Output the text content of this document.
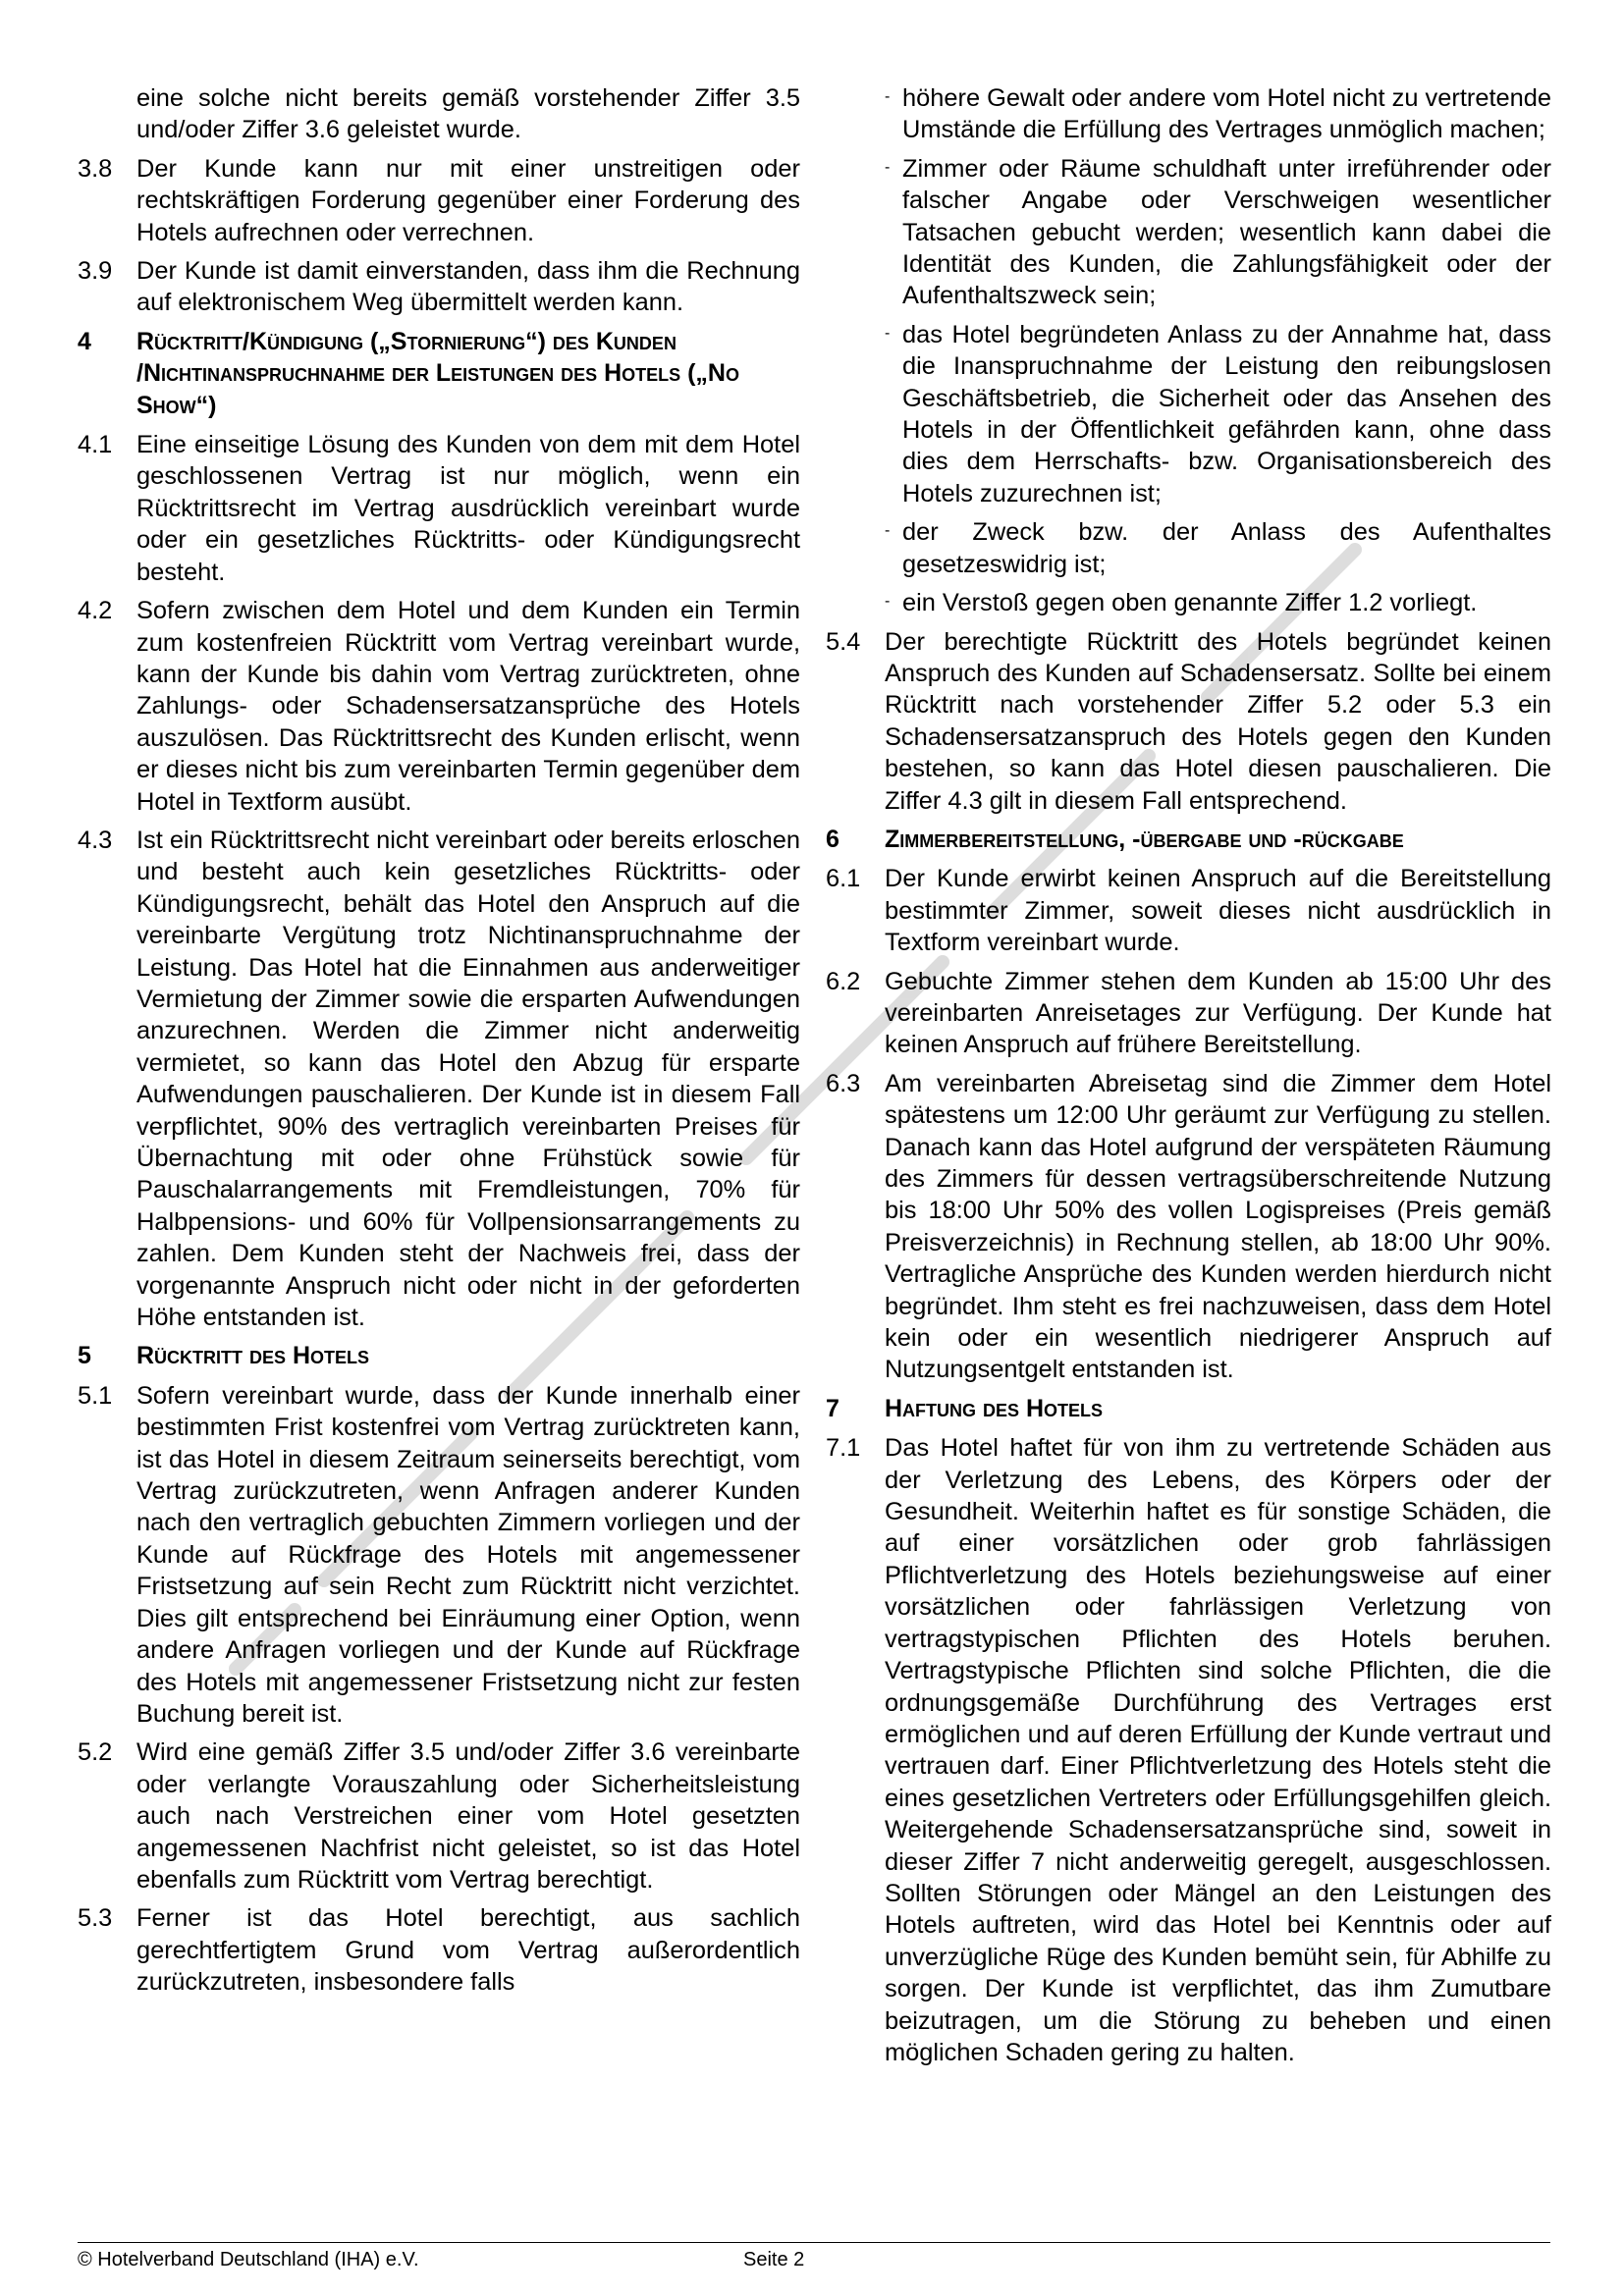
eine solche nicht bereits gemäß vorstehender Ziffer 3.5 und/oder Ziffer 3.6 geleistet wurde.
3.8 Der Kunde kann nur mit einer unstreitigen oder rechtskräftigen Forderung gegenüber einer Forderung des Hotels aufrechnen oder verrechnen.
3.9 Der Kunde ist damit einverstanden, dass ihm die Rechnung auf elektronischem Weg übermittelt werden kann.
4	Rücktritt/Kündigung („Stornierung“) des Kunden /Nichtinanspruchnahme der Leistungen des Hotels („No Show“)
4.1 Eine einseitige Lösung des Kunden von dem mit dem Hotel geschlossenen Vertrag ist nur möglich, wenn ein Rücktrittsrecht im Vertrag ausdrücklich vereinbart wurde oder ein gesetzliches Rücktritts- oder Kündigungsrecht besteht.
4.2 Sofern zwischen dem Hotel und dem Kunden ein Termin zum kostenfreien Rücktritt vom Vertrag vereinbart wurde, kann der Kunde bis dahin vom Vertrag zurücktreten, ohne Zahlungs- oder Schadensersatzansprüche des Hotels auszulösen. Das Rücktrittsrecht des Kunden erlischt, wenn er dieses nicht bis zum vereinbarten Termin gegenüber dem Hotel in Textform ausübt.
4.3 Ist ein Rücktrittsrecht nicht vereinbart oder bereits erloschen und besteht auch kein gesetzliches Rücktritts- oder Kündigungsrecht, behält das Hotel den Anspruch auf die vereinbarte Vergütung trotz Nichtinanspruchnahme der Leistung. Das Hotel hat die Einnahmen aus anderweitiger Vermietung der Zimmer sowie die ersparten Aufwendungen anzurechnen. Werden die Zimmer nicht anderweitig vermietet, so kann das Hotel den Abzug für ersparte Aufwendungen pauschalieren. Der Kunde ist in diesem Fall verpflichtet, 90% des vertraglich vereinbarten Preises für Übernachtung mit oder ohne Frühstück sowie für Pauschalarrangements mit Fremdleistungen, 70% für Halbpensions- und 60% für Vollpensionsarrangements zu zahlen. Dem Kunden steht der Nachweis frei, dass der vorgenannte Anspruch nicht oder nicht in der geforderten Höhe entstanden ist.
5	Rücktritt des Hotels
5.1 Sofern vereinbart wurde, dass der Kunde innerhalb einer bestimmten Frist kostenfrei vom Vertrag zurücktreten kann, ist das Hotel in diesem Zeitraum seinerseits berechtigt, vom Vertrag zurückzutreten, wenn Anfragen anderer Kunden nach den vertraglich gebuchten Zimmern vorliegen und der Kunde auf Rückfrage des Hotels mit angemessener Fristsetzung auf sein Recht zum Rücktritt nicht verzichtet. Dies gilt entsprechend bei Einräumung einer Option, wenn andere Anfragen vorliegen und der Kunde auf Rückfrage des Hotels mit angemessener Fristsetzung nicht zur festen Buchung bereit ist.
5.2 Wird eine gemäß Ziffer 3.5 und/oder Ziffer 3.6 vereinbarte oder verlangte Vorauszahlung oder Sicherheitsleistung auch nach Verstreichen einer vom Hotel gesetzten angemessenen Nachfrist nicht geleistet, so ist das Hotel ebenfalls zum Rücktritt vom Vertrag berechtigt.
5.3 Ferner ist das Hotel berechtigt, aus sachlich gerechtfertigtem Grund vom Vertrag außerordentlich zurückzutreten, insbesondere falls
- höhere Gewalt oder andere vom Hotel nicht zu vertretende Umstände die Erfüllung des Vertrages unmöglich machen;
- Zimmer oder Räume schuldhaft unter irreführender oder falscher Angabe oder Verschweigen wesentlicher Tatsachen gebucht werden; wesentlich kann dabei die Identität des Kunden, die Zahlungsfähigkeit oder der Aufenthaltszweck sein;
- das Hotel begründeten Anlass zu der Annahme hat, dass die Inanspruchnahme der Leistung den reibungslosen Geschäftsbetrieb, die Sicherheit oder das Ansehen des Hotels in der Öffentlichkeit gefährden kann, ohne dass dies dem Herrschafts- bzw. Organisationsbereich des Hotels zuzurechnen ist;
- der Zweck bzw. der Anlass des Aufenthaltes gesetzeswidrig ist;
- ein Verstoß gegen oben genannte Ziffer 1.2 vorliegt.
5.4 Der berechtigte Rücktritt des Hotels begründet keinen Anspruch des Kunden auf Schadensersatz. Sollte bei einem Rücktritt nach vorstehender Ziffer 5.2 oder 5.3 ein Schadensersatzanspruch des Hotels gegen den Kunden bestehen, so kann das Hotel diesen pauschalieren. Die Ziffer 4.3 gilt in diesem Fall entsprechend.
6	Zimmerbereitstellung, -übergabe und -rückgabe
6.1 Der Kunde erwirbt keinen Anspruch auf die Bereitstellung bestimmter Zimmer, soweit dieses nicht ausdrücklich in Textform vereinbart wurde.
6.2 Gebuchte Zimmer stehen dem Kunden ab 15:00 Uhr des vereinbarten Anreisetages zur Verfügung. Der Kunde hat keinen Anspruch auf frühere Bereitstellung.
6.3 Am vereinbarten Abreisetag sind die Zimmer dem Hotel spätestens um 12:00 Uhr geräumt zur Verfügung zu stellen. Danach kann das Hotel aufgrund der verspäteten Räumung des Zimmers für dessen vertragsüberschreitende Nutzung bis 18:00 Uhr 50% des vollen Logispreises (Preis gemäß Preisverzeichnis) in Rechnung stellen, ab 18:00 Uhr 90%. Vertragliche Ansprüche des Kunden werden hierdurch nicht begründet. Ihm steht es frei nachzuweisen, dass dem Hotel kein oder ein wesentlich niedrigerer Anspruch auf Nutzungsentgelt entstanden ist.
7	Haftung des Hotels
7.1 Das Hotel haftet für von ihm zu vertretende Schäden aus der Verletzung des Lebens, des Körpers oder der Gesundheit. Weiterhin haftet es für sonstige Schäden, die auf einer vorsätzlichen oder grob fahrlässigen Pflichtverletzung des Hotels beziehungsweise auf einer vorsätzlichen oder fahrlässigen Verletzung von vertragstypischen Pflichten des Hotels beruhen. Vertragstypische Pflichten sind solche Pflichten, die die ordnungsgemäße Durchführung des Vertrages erst ermöglichen und auf deren Erfüllung der Kunde vertraut und vertrauen darf. Einer Pflichtverletzung des Hotels steht die eines gesetzlichen Vertreters oder Erfüllungsgehilfen gleich. Weitergehende Schadensersatzansprüche sind, soweit in dieser Ziffer 7 nicht anderweitig geregelt, ausgeschlossen. Sollten Störungen oder Mängel an den Leistungen des Hotels auftreten, wird das Hotel bei Kenntnis oder auf unverzügliche Rüge des Kunden bemüht sein, für Abhilfe zu sorgen. Der Kunde ist verpflichtet, das ihm Zumutbare beizutragen, um die Störung zu beheben und einen möglichen Schaden gering zu halten.
© Hotelverband Deutschland (IHA) e.V.	Seite 2
